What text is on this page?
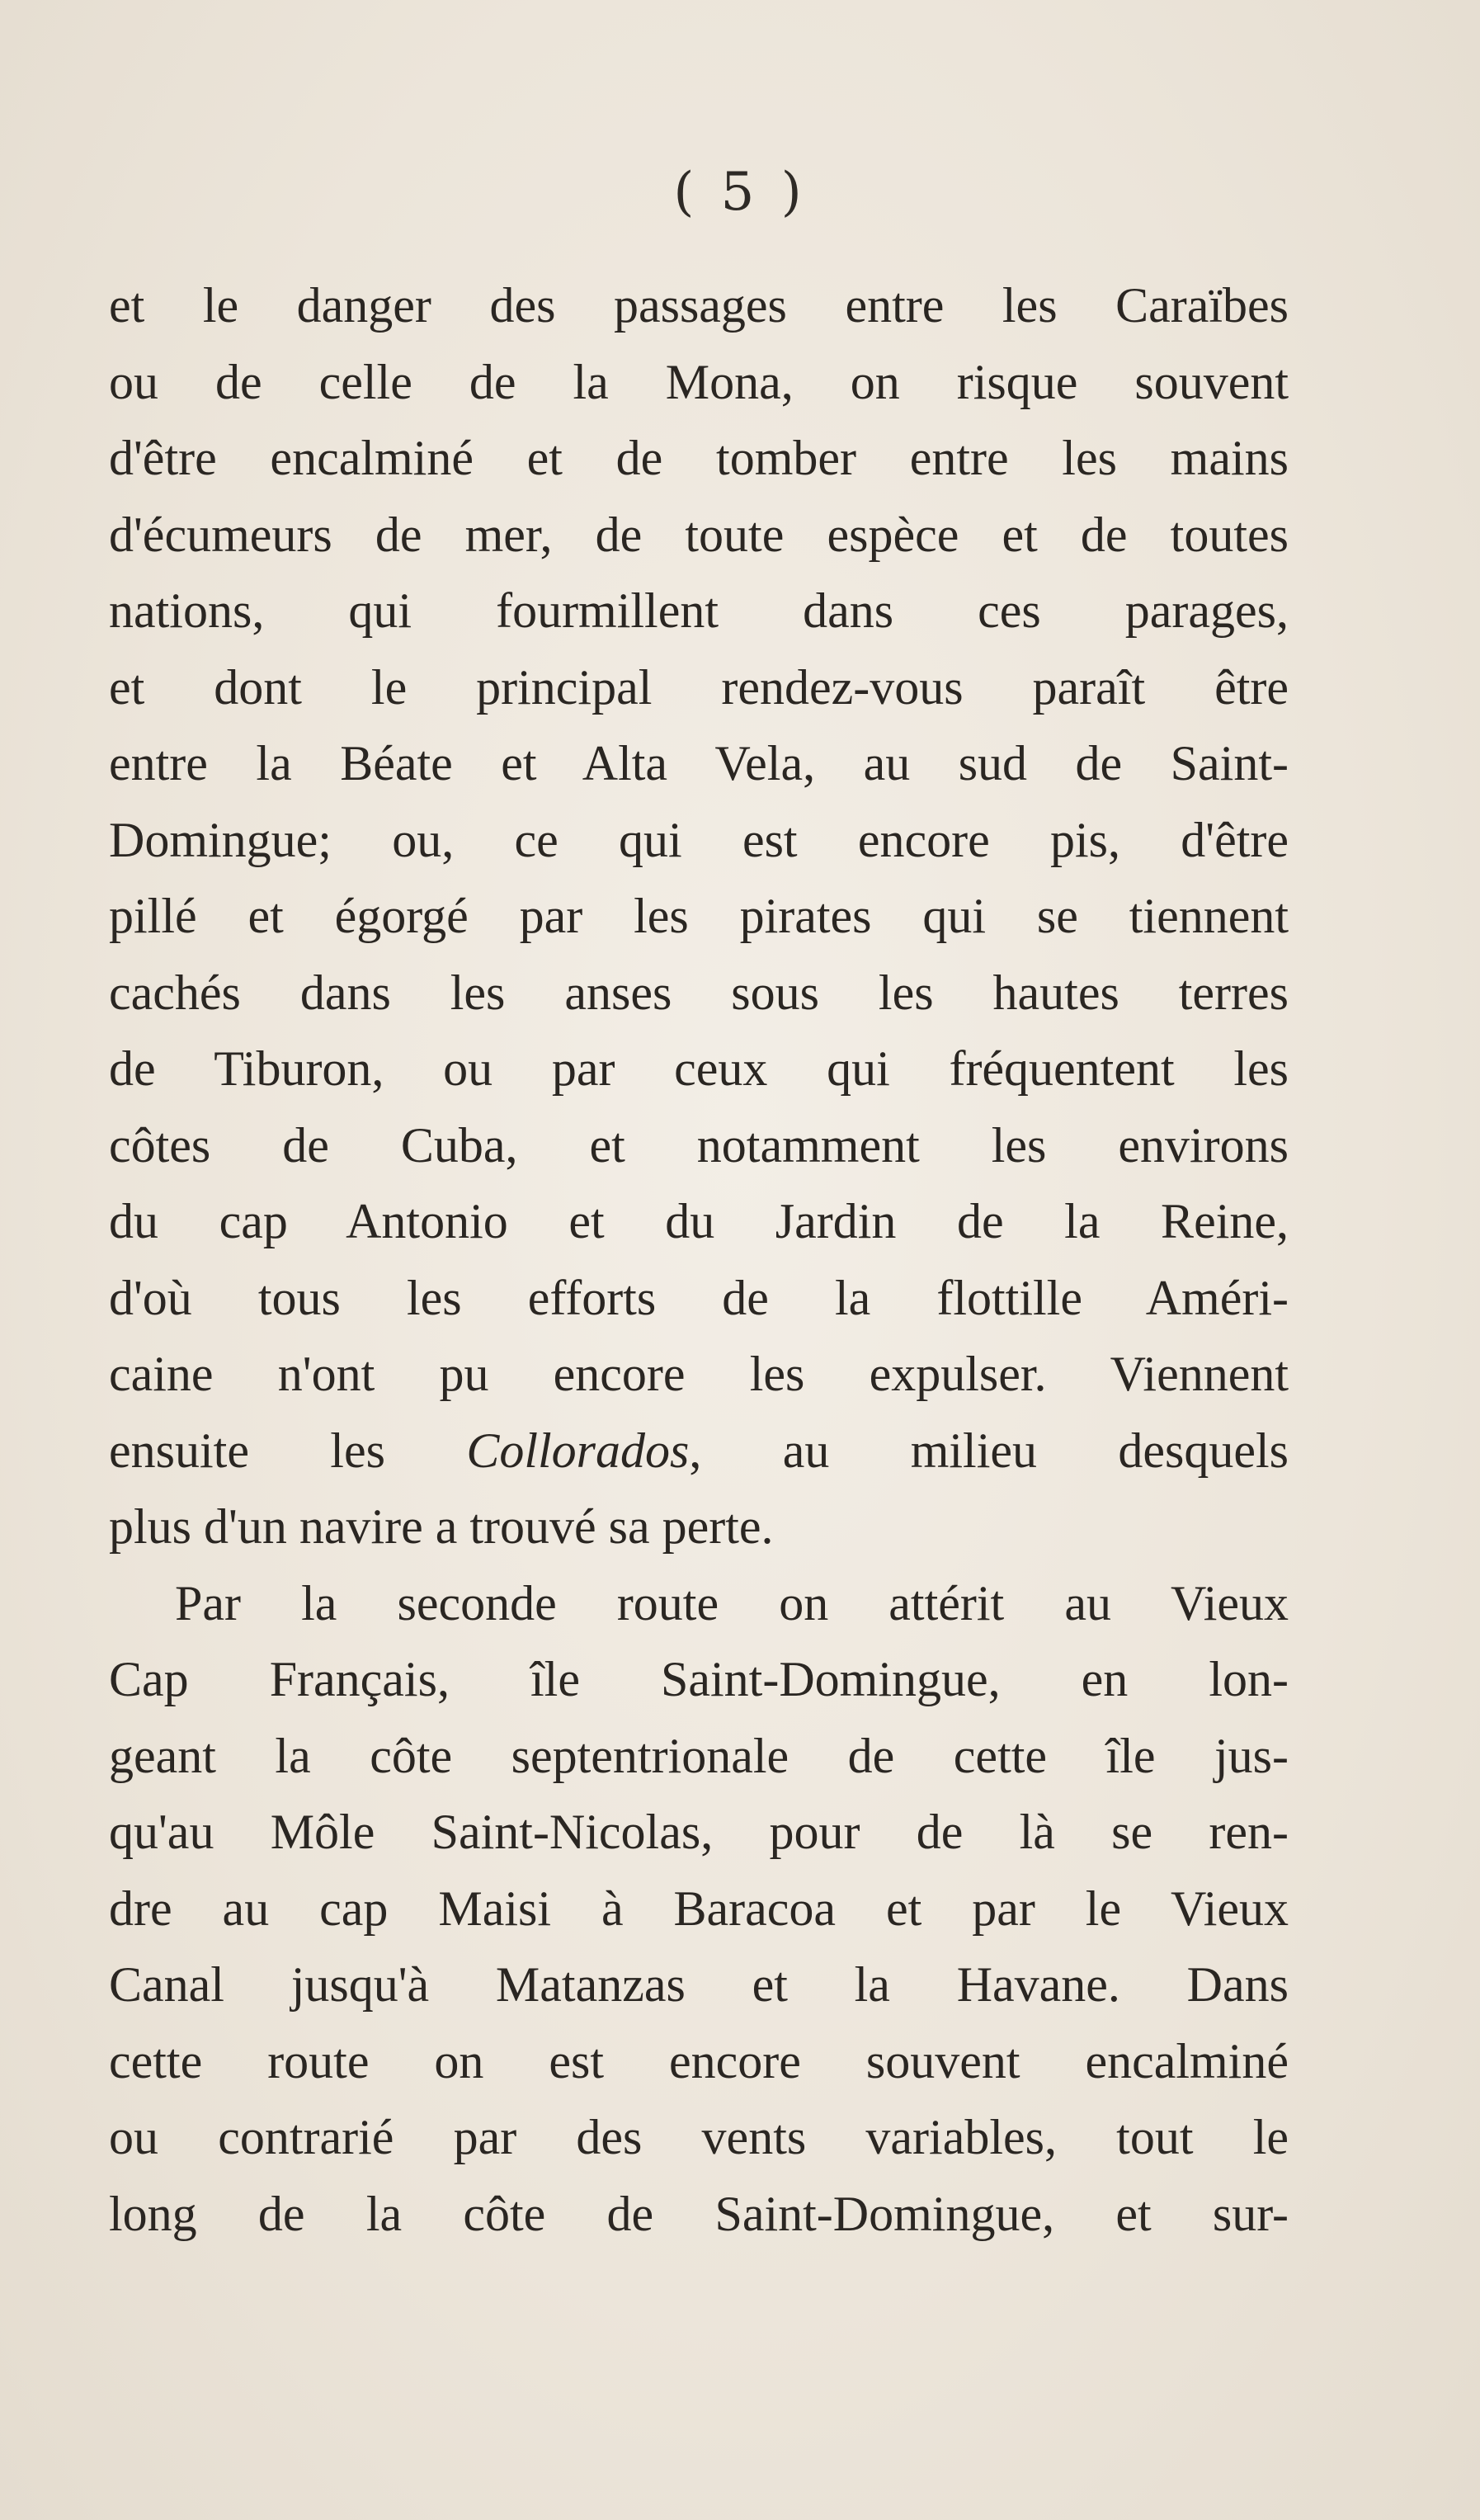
( 5 )
et le danger des passages entre les Caraïbes
ou de celle de la Mona, on risque souvent
d'être encalminé et de tomber entre les mains
d'écumeurs de mer, de toute espèce et de toutes
nations, qui fourmillent dans ces parages,
et dont le principal rendez-vous paraît être
entre la Béate et Alta Vela, au sud de Saint-
Domingue; ou, ce qui est encore pis, d'être
pillé et égorgé par les pirates qui se tiennent
cachés dans les anses sous les hautes terres
de Tiburon, ou par ceux qui fréquentent les
côtes de Cuba, et notamment les environs
du cap Antonio et du Jardin de la Reine,
d'où tous les efforts de la flottille Améri-
caine n'ont pu encore les expulser. Viennent
ensuite les Collorados, au milieu desquels
plus d'un navire a trouvé sa perte.
Par la seconde route on attérit au Vieux
Cap Français, île Saint-Domingue, en lon-
geant la côte septentrionale de cette île jus-
qu'au Môle Saint-Nicolas, pour de là se ren-
dre au cap Maisi à Baracoa et par le Vieux
Canal jusqu'à Matanzas et la Havane. Dans
cette route on est encore souvent encalminé
ou contrarié par des vents variables, tout le
long de la côte de Saint-Domingue, et sur-
